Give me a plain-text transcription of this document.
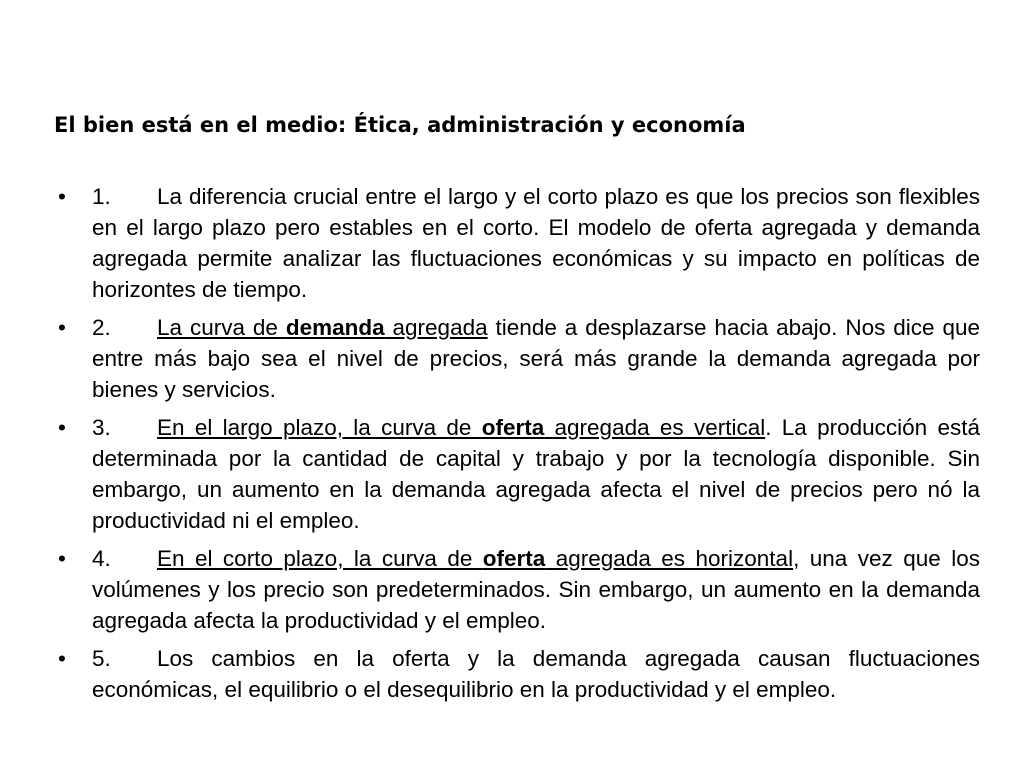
El bien está en el medio: Ética, administración y economía
• 1. La diferencia crucial entre el largo y el corto plazo es que los precios son flexibles en el largo plazo pero estables en el corto. El modelo de oferta agregada y demanda agregada permite analizar las fluctuaciones económicas y su impacto en políticas de horizontes de tiempo.
• 2. La curva de demanda agregada tiende a desplazarse hacia abajo. Nos dice que entre más bajo sea el nivel de precios, será más grande la demanda agregada por bienes y servicios.
• 3. En el largo plazo, la curva de oferta agregada es vertical. La producción está determinada por la cantidad de capital y trabajo y por la tecnología disponible. Sin embargo, un aumento en la demanda agregada afecta el nivel de precios pero nó la productividad ni el empleo.
• 4. En el corto plazo, la curva de oferta agregada es horizontal, una vez que los volúmenes y los precio son predeterminados. Sin embargo, un aumento en la demanda agregada afecta la productividad y el empleo.
• 5. Los cambios en la oferta y la demanda agregada causan fluctuaciones económicas, el equilibrio o el desequilibrio en la productividad y el empleo.
